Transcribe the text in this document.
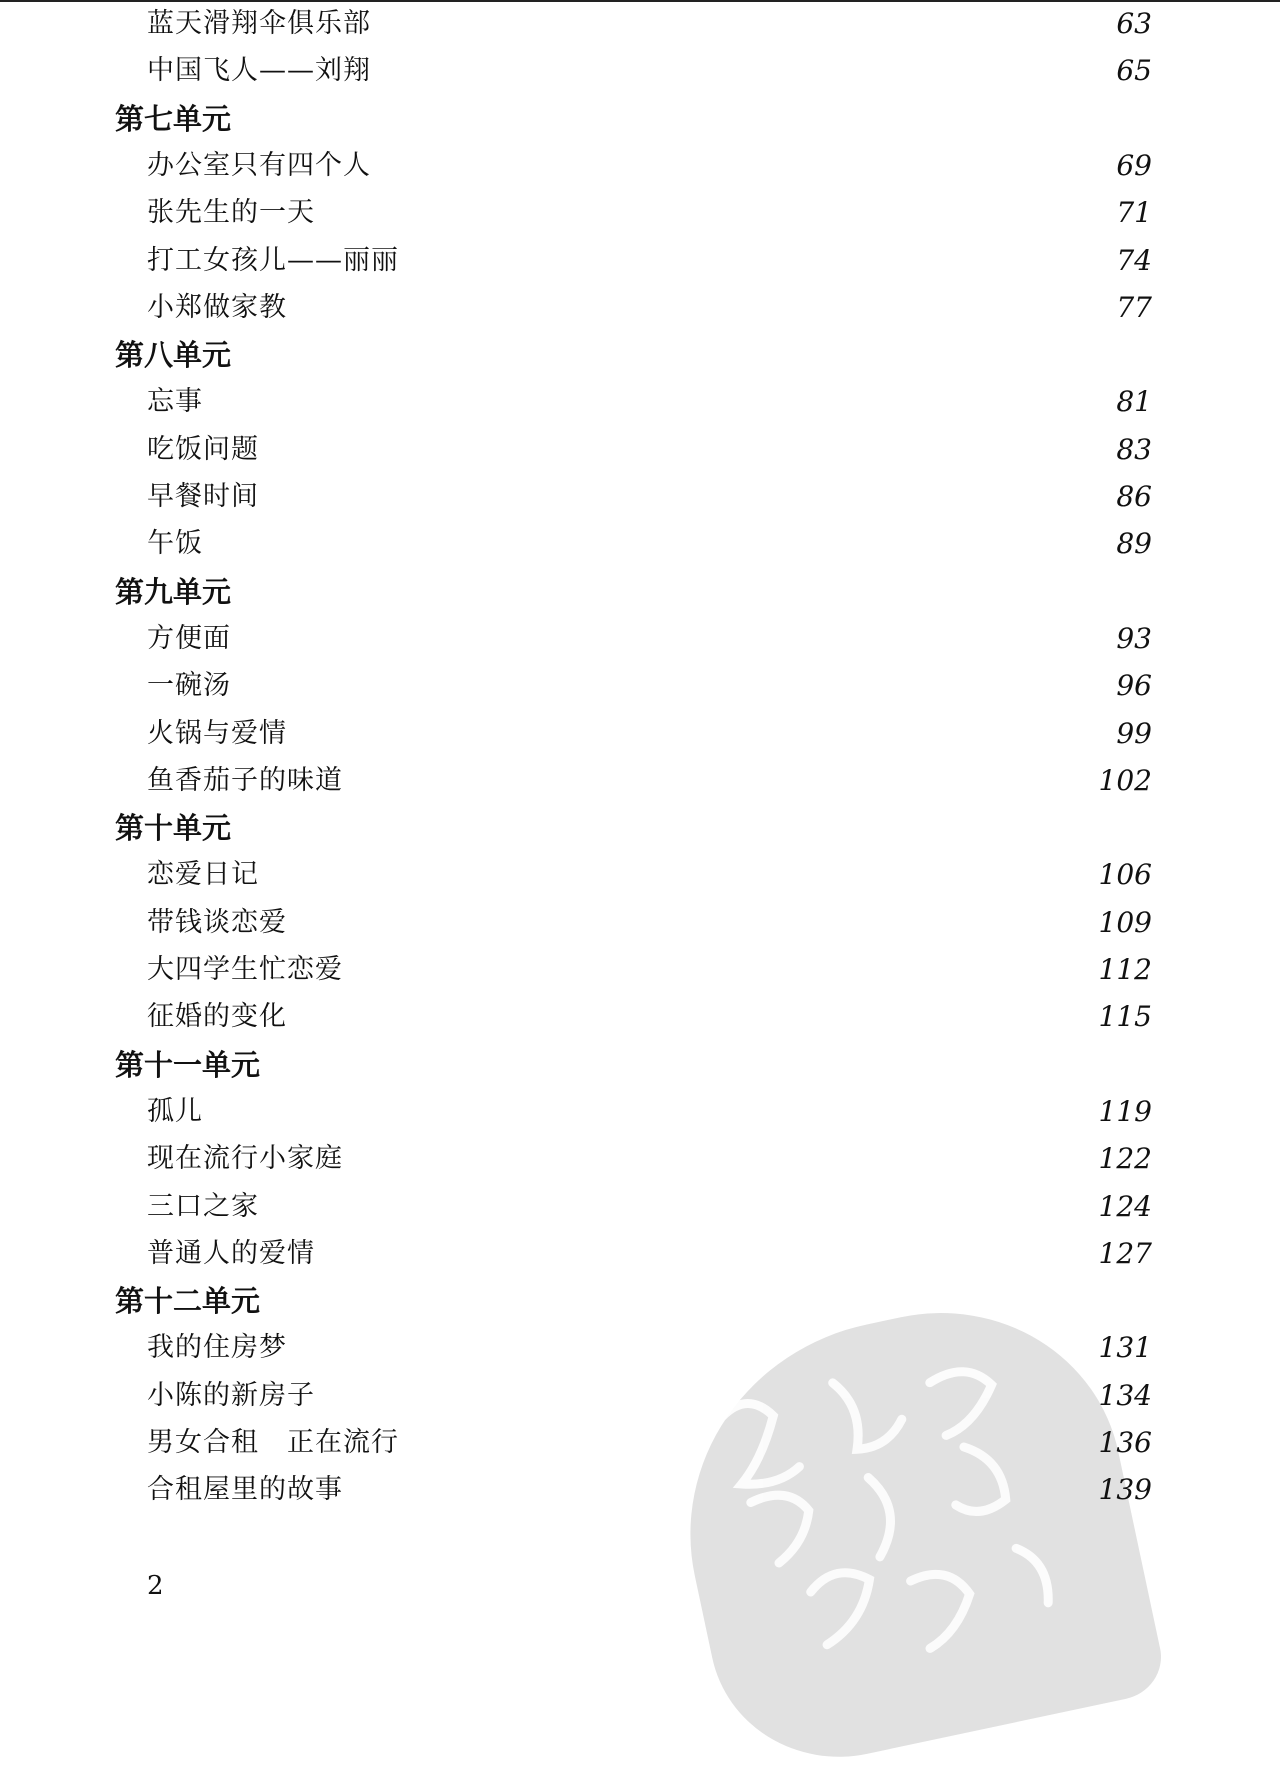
蓝天滑翔伞俱乐部	63
中国飞人——刘翔	65
第七单元
办公室只有四个人	69
张先生的一天	71
打工女孩儿——丽丽	74
小郑做家教	77
第八单元
忘事	81
吃饭问题	83
早餐时间	86
午饭	89
第九单元
方便面	93
一碗汤	96
火锅与爱情	99
鱼香茄子的味道	102
第十单元
恋爱日记	106
带钱谈恋爱	109
大四学生忙恋爱	112
征婚的变化	115
第十一单元
孤儿	119
现在流行小家庭	122
三口之家	124
普通人的爱情	127
第十二单元
我的住房梦	131
小陈的新房子	134
男女合租　正在流行	136
合租屋里的故事	139
2
